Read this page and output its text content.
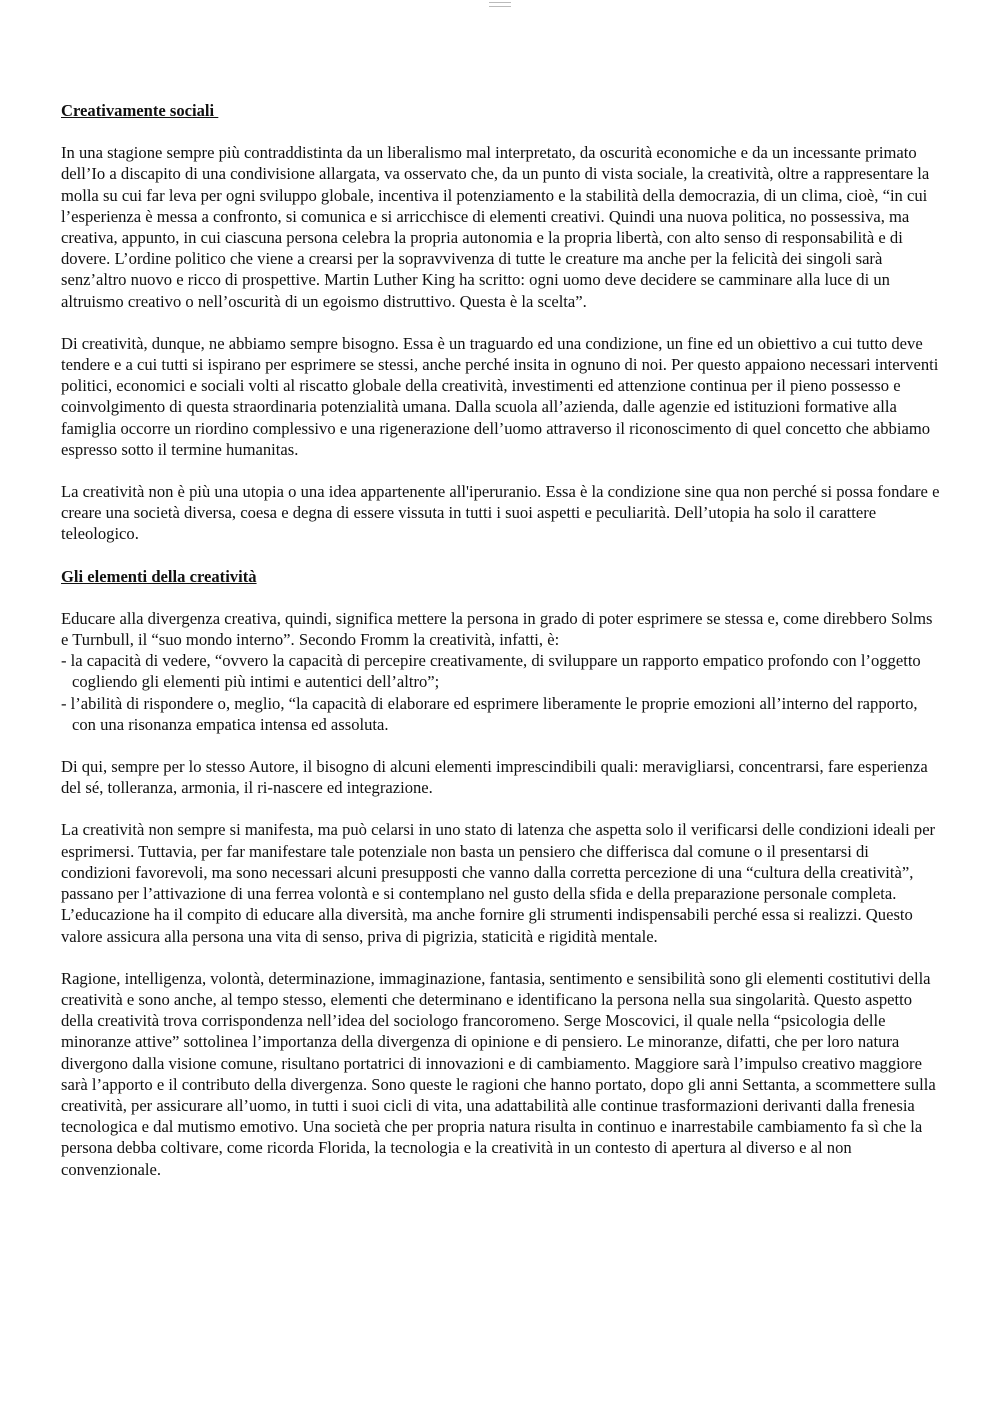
Creativamente sociali

In una stagione sempre più contraddistinta da un liberalismo mal interpretato, da oscurità economiche e da un incessante primato dell’Io a discapito di una condivisione allargata, va osservato che, da un punto di vista sociale, la creatività, oltre a rappresentare la molla su cui far leva per ogni sviluppo globale, incentiva il potenziamento e la stabilità della democrazia, di un clima, cioè, “in cui l’esperienza è messa a confronto, si comunica e si arricchisce di elementi creativi. Quindi una nuova politica, no possessiva, ma creativa, appunto, in cui ciascuna persona celebra la propria autonomia e la propria libertà, con alto senso di responsabilità e di dovere. L’ordine politico che viene a crearsi per la sopravvivenza di tutte le creature ma anche per la felicità dei singoli sarà senz’altro nuovo e ricco di prospettive. Martin Luther King ha scritto: ogni uomo deve decidere se camminare alla luce di un altruismo creativo o nell’oscurità di un egoismo distruttivo. Questa è la scelta”.

Di creatività, dunque, ne abbiamo sempre bisogno. Essa è un traguardo ed una condizione, un fine ed un obiettivo a cui tutto deve tendere e a cui tutti si ispirano per esprimere se stessi, anche perché insita in ognuno di noi. Per questo appaiono necessari interventi politici, economici e sociali volti al riscatto globale della creatività, investimenti ed attenzione continua per il pieno possesso e coinvolgimento di questa straordinaria potenzialità umana. Dalla scuola all’azienda, dalle agenzie ed istituzioni formative alla famiglia occorre un riordino complessivo e una rigenerazione dell’uomo attraverso il riconoscimento di quel concetto che abbiamo espresso sotto il termine humanitas.

La creatività non è più una utopia o una idea appartenente all'iperuranio. Essa è la condizione sine qua non perché si possa fondare e creare una società diversa, coesa e degna di essere vissuta in tutti i suoi aspetti e peculiarità. Dell’utopia ha solo il carattere teleologico.

Gli elementi della creatività
Educare alla divergenza creativa, quindi, significa mettere la persona in grado di poter esprimere se stessa e, come direbbero Solms e Turnbull, il “suo mondo interno”. Secondo Fromm la creatività, infatti, è:
- la capacità di vedere, “ovvero la capacità di percepire creativamente, di sviluppare un rapporto empatico profondo con l’oggetto cogliendo gli elementi più intimi e autentici dell’altro”;
- l’abilità di rispondere o, meglio, “la capacità di elaborare ed esprimere liberamente le proprie emozioni all’interno del rapporto, con una risonanza empatica intensa ed assoluta.

Di qui, sempre per lo stesso Autore, il bisogno di alcuni elementi imprescindibili quali: meravigliarsi, concentrarsi, fare esperienza del sé, tolleranza, armonia, il ri-nascere ed integrazione.

La creatività non sempre si manifesta, ma può celarsi in uno stato di latenza che aspetta solo il verificarsi delle condizioni ideali per esprimersi. Tuttavia, per far manifestare tale potenziale non basta un pensiero che differisca dal comune o il presentarsi di condizioni favorevoli, ma sono necessari alcuni presupposti che vanno dalla corretta percezione di una “cultura della creatività”, passano per l’attivazione di una ferrea volontà e si contemplano nel gusto della sfida e della preparazione personale completa. L’educazione ha il compito di educare alla diversità, ma anche fornire gli strumenti indispensabili perché essa si realizzi. Questo valore assicura alla persona una vita di senso, priva di pigrizia, staticità e rigidità mentale.

Ragione, intelligenza, volontà, determinazione, immaginazione, fantasia, sentimento e sensibilità sono gli elementi costitutivi della creatività e sono anche, al tempo stesso, elementi che determinano e identificano la persona nella sua singolarità. Questo aspetto della creatività trova corrispondenza nell’idea del sociologo francoromeno. Serge Moscovici, il quale nella “psicologia delle minoranze attive” sottolinea l’importanza della divergenza di opinione e di pensiero. Le minoranze, difatti, che per loro natura divergono dalla visione comune, risultano portatrici di innovazioni e di cambiamento. Maggiore sarà l’impulso creativo maggiore sarà l’apporto e il contributo della divergenza. Sono queste le ragioni che hanno portato, dopo gli anni Settanta, a scommettere sulla creatività, per assicurare all’uomo, in tutti i suoi cicli di vita, una adattabilità alle continue trasformazioni derivanti dalla frenesia tecnologica e dal mutismo emotivo. Una società che per propria natura risulta in continuo e inarrestabile cambiamento fa sì che la persona debba coltivare, come ricorda Florida, la tecnologia e la creatività in un contesto di apertura al diverso e al non convenzionale.
